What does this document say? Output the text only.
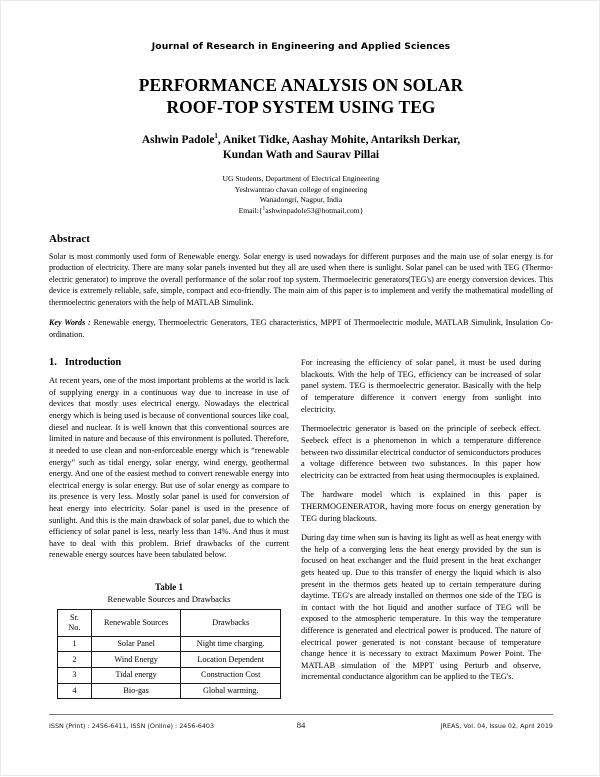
Journal of Research in Engineering and Applied Sciences
PERFORMANCE ANALYSIS ON SOLAR
ROOF-TOP SYSTEM USING TEG
Ashwin Padole$^1$, Aniket Tidke, Aashay Mohite, Antariksh Derkar,
Kundan Wath and Saurav Pillai
UG Students, Department of Electrical Engineering
Yeshwantrao chavan college of engineering
Wanadongri, Nagpur, India
Email:{$^1$ashwinpadole53@hotmail.com}
Abstract
Solar is most commonly used form of Renewable energy. Solar energy is used nowadays for different purposes and the main use of solar energy is for production of electricity. There are many solar panels invented but they all are used when there is sunlight. Solar panel can be used with TEG (Thermo-electric generator) to improve the overall performance of the solar roof top system. Thermoelectric generators(TEG's) are energy conversion devices. This device is extremely reliable, safe, simple, compact and eco-friendly. The main aim of this paper is to implement and verify the mathematical modelling of thermoelectric generators with the help of MATLAB Simulink.
Key Words : Renewable energy, Thermoelectric Generators, TEG characteristics, MPPT of Thermoelectric module, MATLAB Simulink, Insulation Co-ordination.
1. Introduction
At recent years, one of the most important problems at the world is lack of supplying energy in a continuous way due to increase in use of devices that mostly uses electrical energy. Nowadays the electrical energy which is being used is because of conventional sources like coal, diesel and nuclear. It is well known that this conventional sources are limited in nature and because of this environment is polluted. Therefore, it needed to use clean and non-enforceable energy which is “renewable energy” such as tidal energy, solar energy, wind energy, geothermal energy. And one of the easiest method to convert renewable energy into electrical energy is solar energy. But use of solar energy as compare to its presence is very less. Mostly solar panel is used for conversion of heat energy into electricity. Solar panel is used in the presence of sunlight. And this is the main drawback of solar panel, due to which the efficiency of solar panel is less, nearly less than 14%. And thus it must have to deal with this problem. Brief drawbacks of the current renewable energy sources have been tabulated below.
Table 1
Renewable Sources and Drawbacks
Sr.
No.	Renewable Sources	Drawbacks
1	Solar Panel	Night time charging.
2	Wind Energy	Location Dependent
3	Tidal energy	Construction Cost
4	Bio-gas	Global warming.
For increasing the efficiency of solar panel, it must be used during blackouts. With the help of TEG, efficiency can be increased of solar panel system. TEG is thermoelectric generator. Basically with the help of temperature difference it convert energy from sunlight into electricity.
Thermoelectric generator is based on the principle of seebeck effect. Seebeck effect is a phenomenon in which a temperature difference between two dissimilar electrical conductor of semiconductors produces a voltage difference between two substances. In this paper how electricity can be extracted from heat using thermocouples is explained.
The hardware model which is explained in this paper is THERMOGENERATOR, having more focus on energy generation by TEG during blackouts.
During day time when sun is having its light as well as heat energy with the help of a converging lens the heat energy provided by the sun is focused on heat exchanger and the fluid present in the heat exchanger gets heated up. Due to this transfer of energy the liquid which is also present in the thermos gets heated up to certain temperature during daytime. TEG's are already installed on thermos one side of the TEG is in contact with the hot liquid and another surface of TEG will be exposed to the atmospheric temperature. In this way the temperature difference is generated and electrical power is produced. The nature of electrical power generated is not constant because of temperature change hence it is necessary to extract Maximum Power Point. The MATLAB simulation of the MPPT using Perturb and observe, incremental conductance algorithm can be applied to the TEG's.
ISSN (Print) : 2456-6411, ISSN (Online) : 2456-6403	84	JREAS, Vol. 04, Issue 02, April 2019
